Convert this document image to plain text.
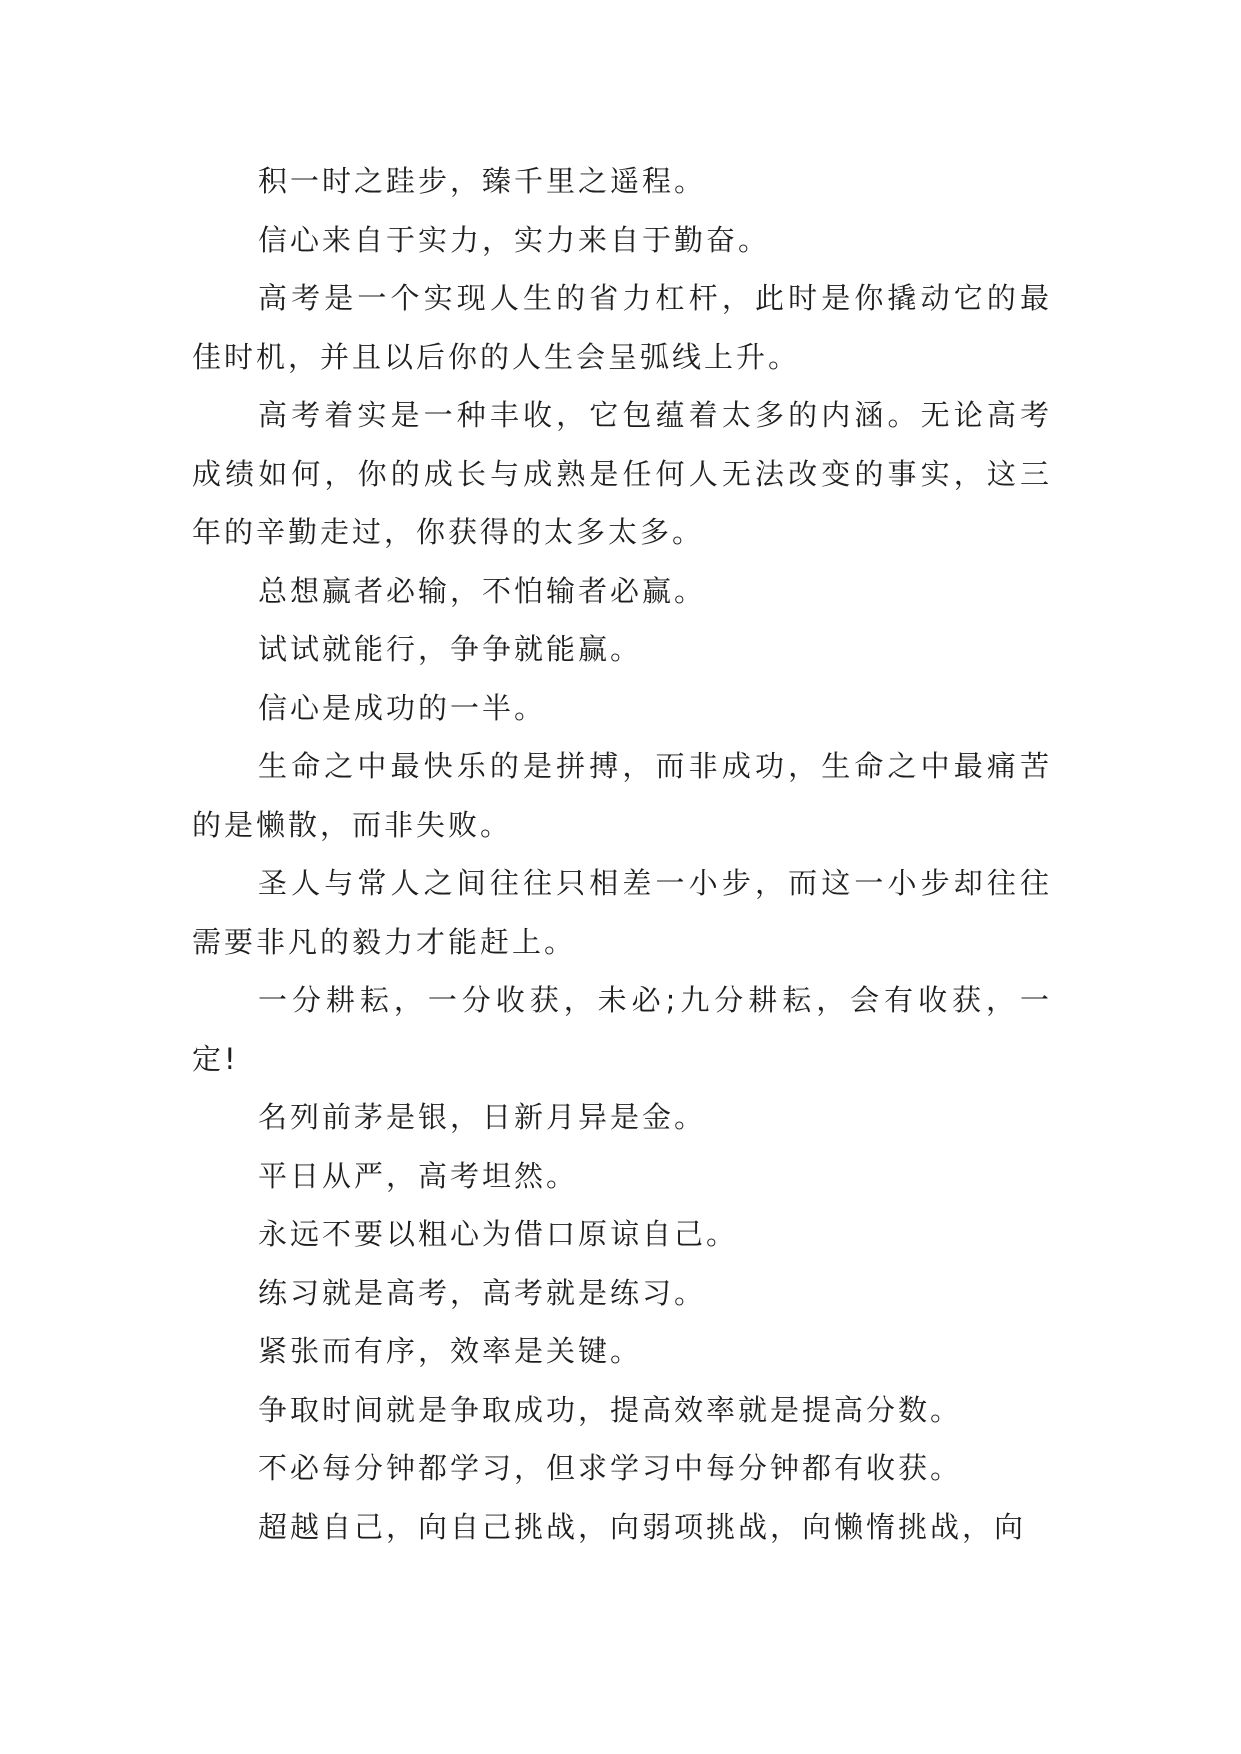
积一时之跬步，臻千里之遥程。

信心来自于实力，实力来自于勤奋。

高考是一个实现人生的省力杠杆，此时是你撬动它的最佳时机，并且以后你的人生会呈弧线上升。

高考着实是一种丰收，它包蕴着太多的内涵。无论高考成绩如何，你的成长与成熟是任何人无法改变的事实，这三年的辛勤走过，你获得的太多太多。

总想赢者必输，不怕输者必赢。

试试就能行，争争就能赢。

信心是成功的一半。

生命之中最快乐的是拼搏，而非成功，生命之中最痛苦的是懒散，而非失败。

圣人与常人之间往往只相差一小步，而这一小步却往往需要非凡的毅力才能赶上。

一分耕耘，一分收获，未必;九分耕耘，会有收获，一定!

名列前茅是银，日新月异是金。

平日从严，高考坦然。

永远不要以粗心为借口原谅自己。

练习就是高考，高考就是练习。

紧张而有序，效率是关键。

争取时间就是争取成功，提高效率就是提高分数。

不必每分钟都学习，但求学习中每分钟都有收获。

超越自己，向自己挑战，向弱项挑战，向懒惰挑战，向
